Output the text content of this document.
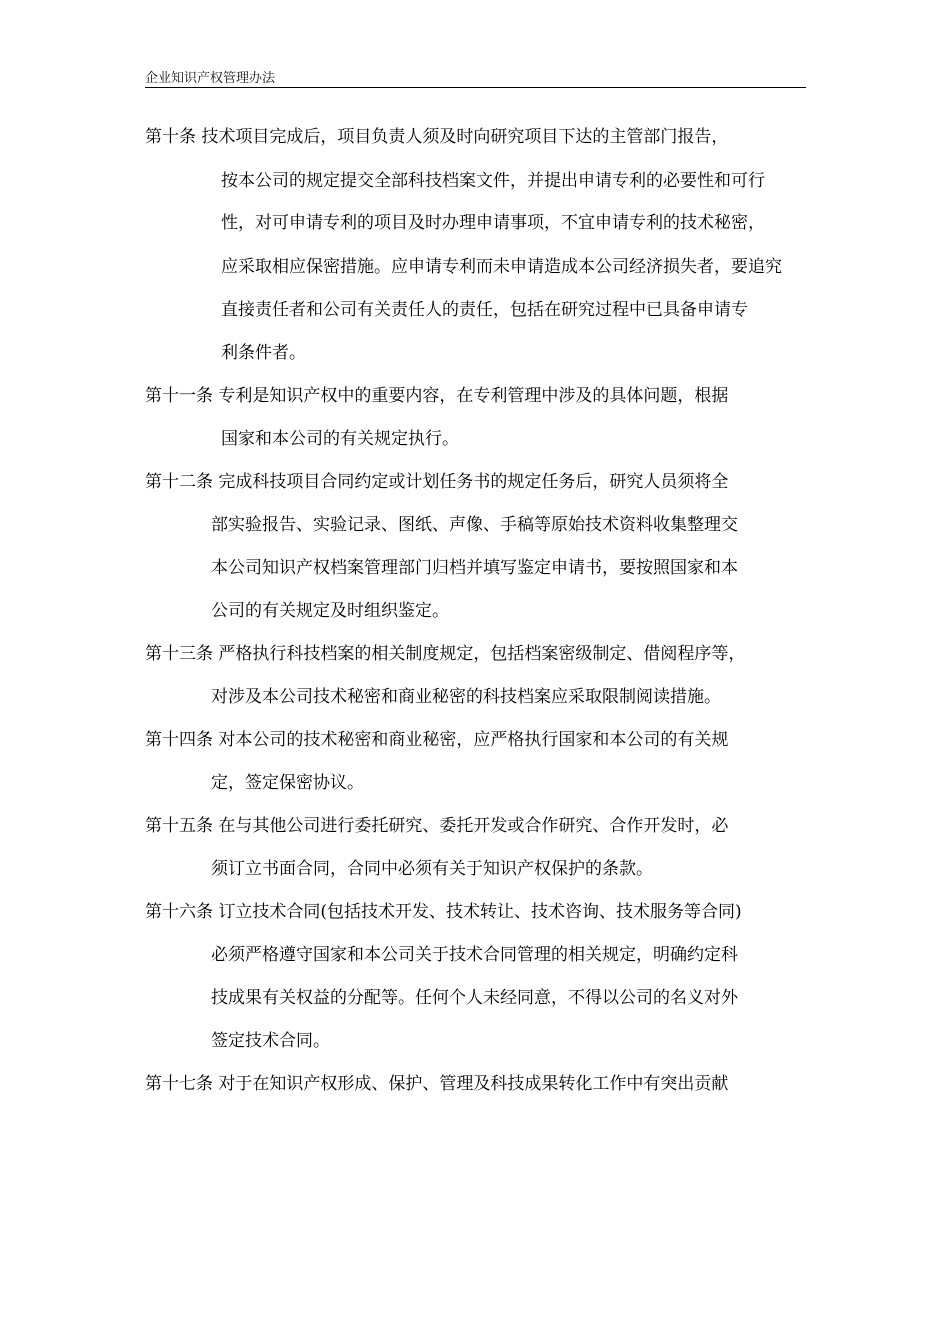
企业知识产权管理办法
第十条 技术项目完成后，项目负责人须及时向研究项目下达的主管部门报告，
按本公司的规定提交全部科技档案文件，并提出申请专利的必要性和可行
性，对可申请专利的项目及时办理申请事项，不宜申请专利的技术秘密，
应采取相应保密措施。应申请专利而未申请造成本公司经济损失者，要追究
直接责任者和公司有关责任人的责任，包括在研究过程中已具备申请专
利条件者。
第十一条 专利是知识产权中的重要内容，在专利管理中涉及的具体问题，根据
国家和本公司的有关规定执行。
第十二条 完成科技项目合同约定或计划任务书的规定任务后，研究人员须将全
部实验报告、实验记录、图纸、声像、手稿等原始技术资料收集整理交
本公司知识产权档案管理部门归档并填写鉴定申请书，要按照国家和本
公司的有关规定及时组织鉴定。
第十三条 严格执行科技档案的相关制度规定，包括档案密级制定、借阅程序等，
对涉及本公司技术秘密和商业秘密的科技档案应采取限制阅读措施。
第十四条 对本公司的技术秘密和商业秘密，应严格执行国家和本公司的有关规
定，签定保密协议。
第十五条 在与其他公司进行委托研究、委托开发或合作研究、合作开发时，必
须订立书面合同，合同中必须有关于知识产权保护的条款。
第十六条 订立技术合同(包括技术开发、技术转让、技术咨询、技术服务等合同)
必须严格遵守国家和本公司关于技术合同管理的相关规定，明确约定科
技成果有关权益的分配等。任何个人未经同意，不得以公司的名义对外
签定技术合同。
第十七条 对于在知识产权形成、保护、管理及科技成果转化工作中有突出贡献
